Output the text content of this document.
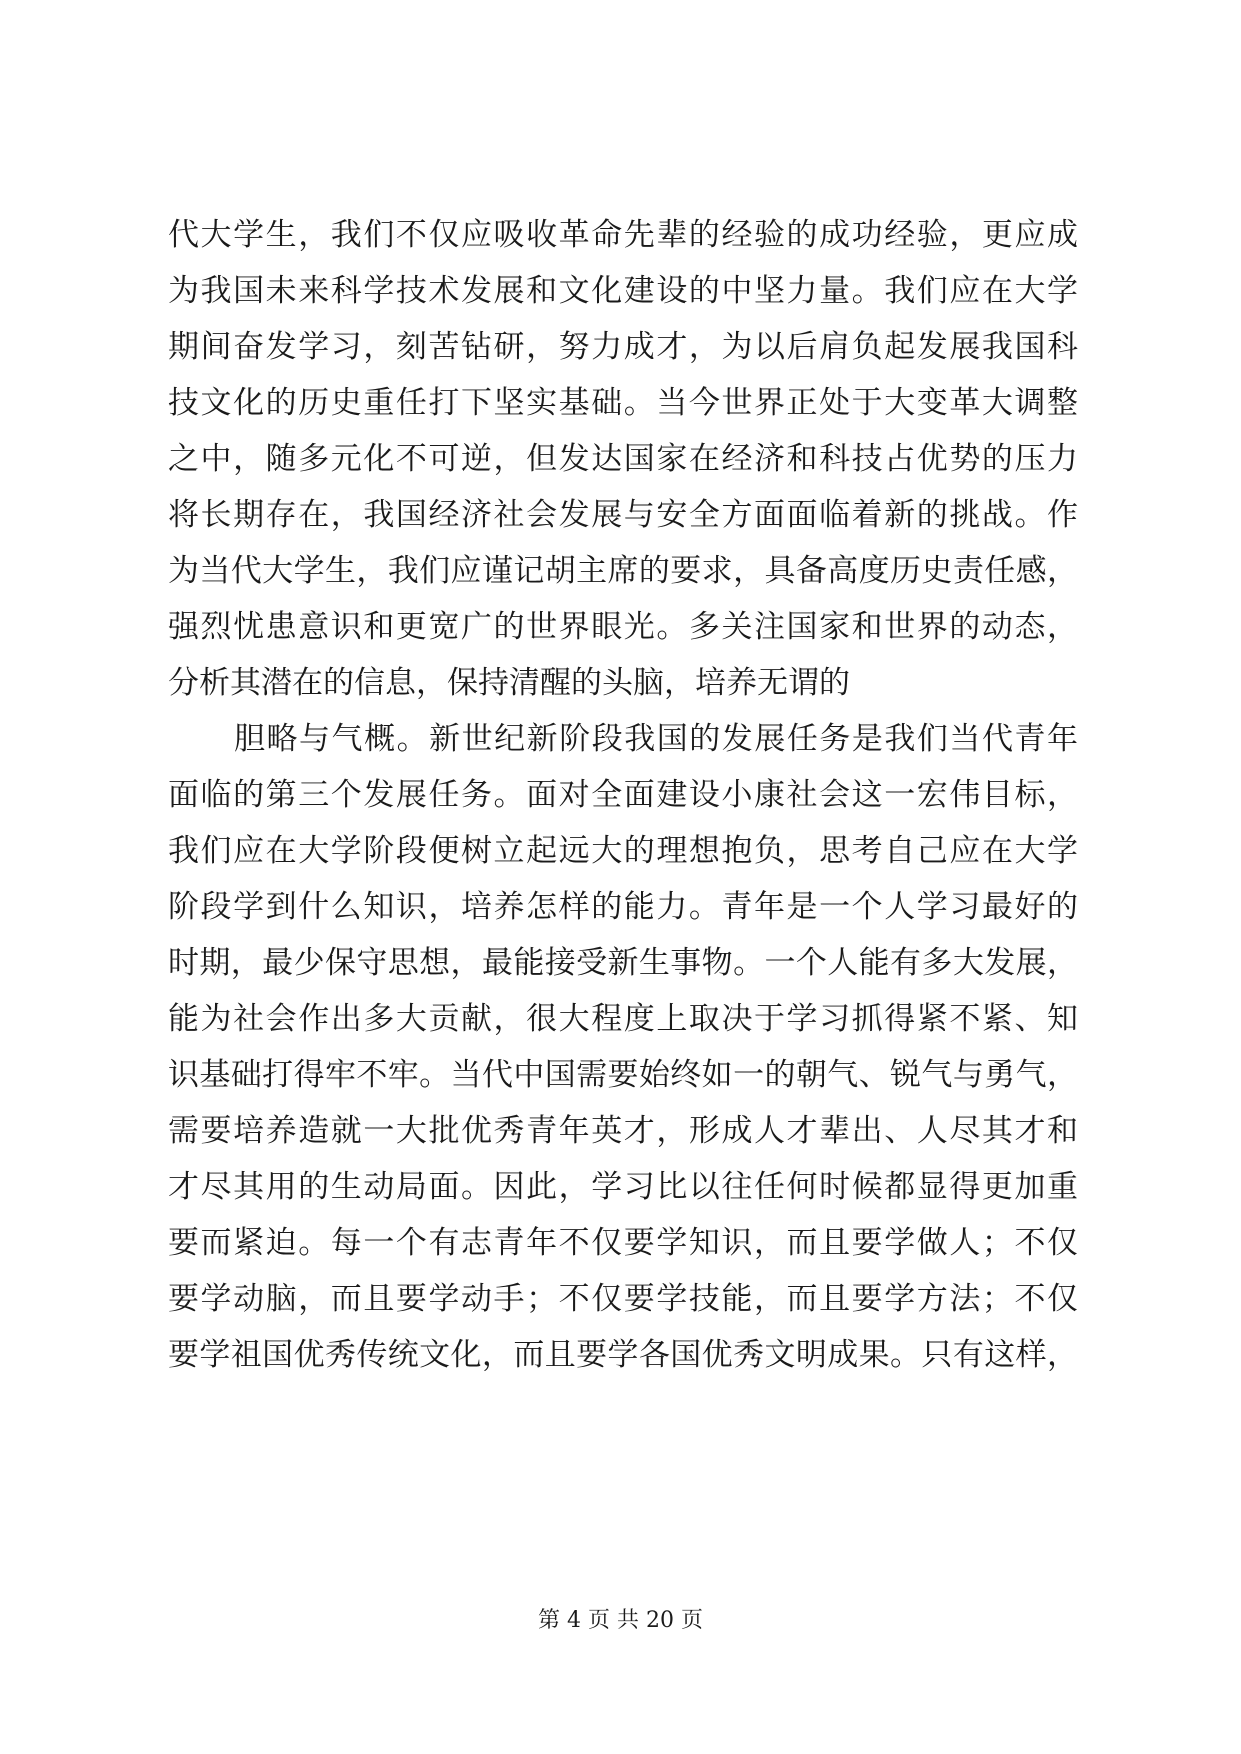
代大学生，我们不仅应吸收革命先辈的经验的成功经验，更应成
为我国未来科学技术发展和文化建设的中坚力量。我们应在大学
期间奋发学习，刻苦钻研，努力成才，为以后肩负起发展我国科
技文化的历史重任打下坚实基础。当今世界正处于大变革大调整
之中，随多元化不可逆，但发达国家在经济和科技占优势的压力
将长期存在，我国经济社会发展与安全方面面临着新的挑战。作
为当代大学生，我们应谨记胡主席的要求，具备高度历史责任感，
强烈忧患意识和更宽广的世界眼光。多关注国家和世界的动态，
分析其潜在的信息，保持清醒的头脑，培养无谓的
胆略与气概。新世纪新阶段我国的发展任务是我们当代青年
面临的第三个发展任务。面对全面建设小康社会这一宏伟目标，
我们应在大学阶段便树立起远大的理想抱负，思考自己应在大学
阶段学到什么知识，培养怎样的能力。青年是一个人学习最好的
时期，最少保守思想，最能接受新生事物。一个人能有多大发展，
能为社会作出多大贡献，很大程度上取决于学习抓得紧不紧、知
识基础打得牢不牢。当代中国需要始终如一的朝气、锐气与勇气，
需要培养造就一大批优秀青年英才，形成人才辈出、人尽其才和
才尽其用的生动局面。因此，学习比以往任何时候都显得更加重
要而紧迫。每一个有志青年不仅要学知识，而且要学做人；不仅
要学动脑，而且要学动手；不仅要学技能，而且要学方法；不仅
要学祖国优秀传统文化，而且要学各国优秀文明成果。只有这样，
第 4 页 共 20 页
